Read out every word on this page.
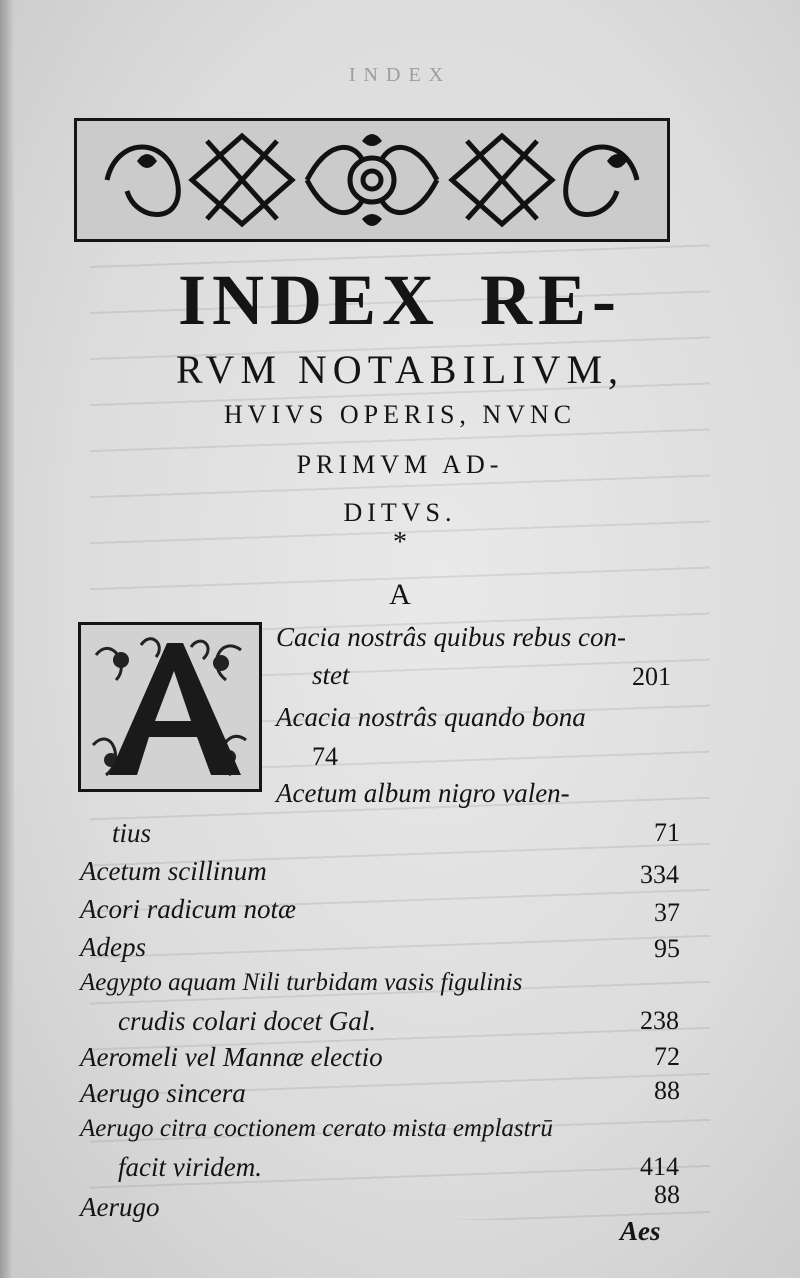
INDEX
INDEX RE-
RVM NOTABILIVM,
HVIVS OPERIS, NVNC
PRIMVM AD-
DITVS.
*
A
Cacia nostrâs quibus rebus con-
stet	201
Acacia nostrâs quando bona
74
Acetum album nigro valen-
tius	71
Acetum scillinum	334
Acori radicum notæ	37
Adeps	95
Aegypto aquam Nili turbidam vasis figulinis
crudis colari docet Gal.	238
Aeromeli vel Mannæ electio	72
Aerugo sincera	88
Aerugo citra coctionem cerato mista emplastrū
facit viridem.	414
Aerugo	88
Aes
